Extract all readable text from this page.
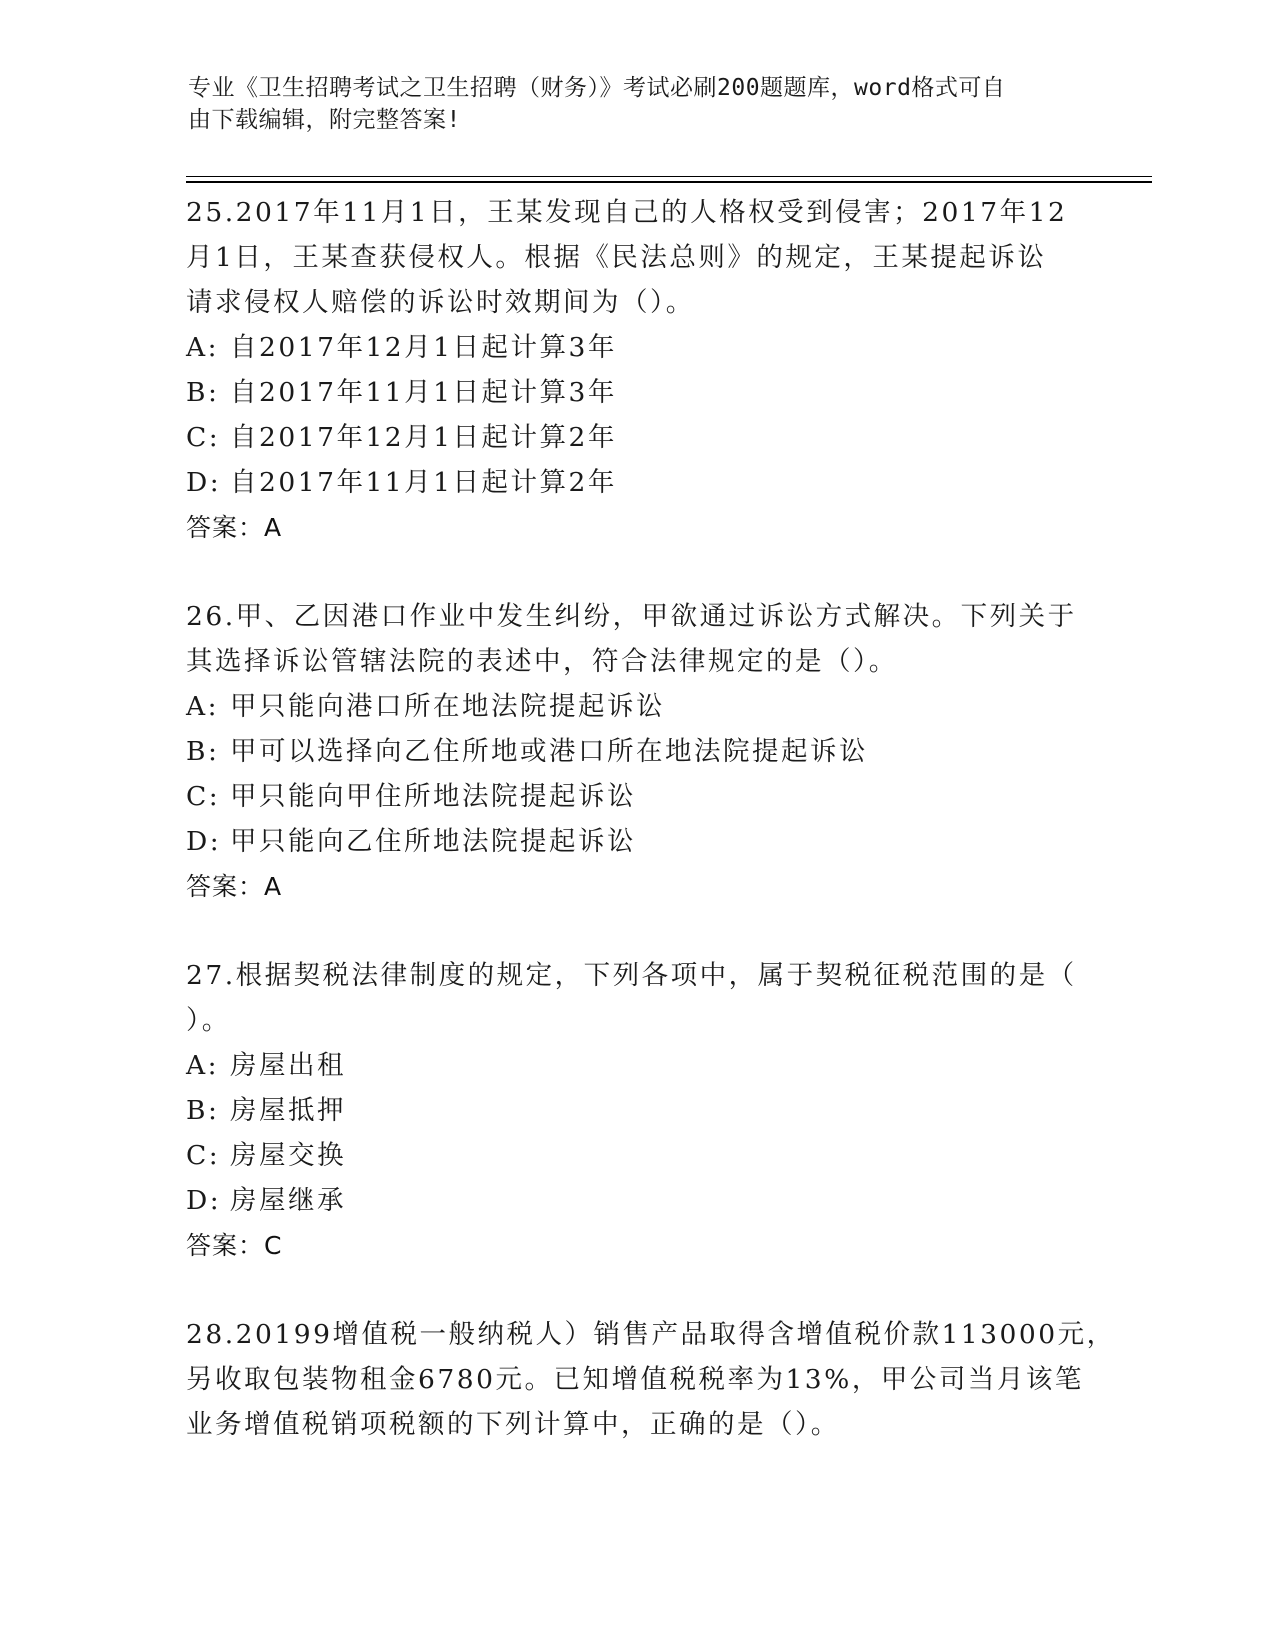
专业《卫生招聘考试之卫生招聘（财务）》考试必刷200题题库，word格式可自
由下载编辑，附完整答案!
25.2017年11月1日，王某发现自己的人格权受到侵害；2017年12
月1日，王某查获侵权人。根据《民法总则》的规定，王某提起诉讼
请求侵权人赔偿的诉讼时效期间为（）。
A: 自2017年12月1日起计算3年
B: 自2017年11月1日起计算3年
C: 自2017年12月1日起计算2年
D: 自2017年11月1日起计算2年
答案：A
26.甲、乙因港口作业中发生纠纷，甲欲通过诉讼方式解决。下列关于
其选择诉讼管辖法院的表述中，符合法律规定的是（）。
A: 甲只能向港口所在地法院提起诉讼
B: 甲可以选择向乙住所地或港口所在地法院提起诉讼
C: 甲只能向甲住所地法院提起诉讼
D: 甲只能向乙住所地法院提起诉讼
答案：A
27.根据契税法律制度的规定，下列各项中，属于契税征税范围的是（
）。
A: 房屋出租
B: 房屋抵押
C: 房屋交换
D: 房屋继承
答案：C
28.20199增值税一般纳税人）销售产品取得含增值税价款113000元，
另收取包装物租金6780元。已知增值税税率为13%，甲公司当月该笔
业务增值税销项税额的下列计算中，正确的是（）。
